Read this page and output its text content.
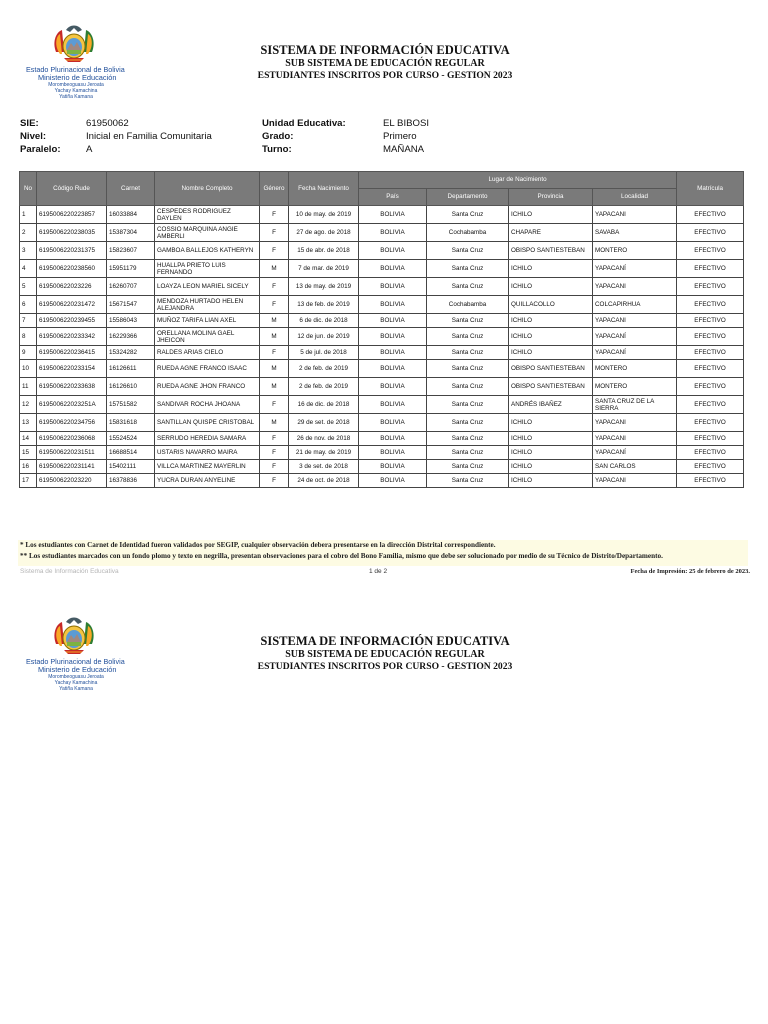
Estado Plurinacional de Bolivia
Ministerio de Educación
Morombeoguasu Jeroata
Yachay Kamachina
Yatiña Kamana
SISTEMA DE INFORMACIÓN EDUCATIVA
SUB SISTEMA DE EDUCACIÓN REGULAR
ESTUDIANTES INSCRITOS POR CURSO - GESTION 2023
SIE:	61950062	Unidad Educativa:	EL BIBOSI
Nivel:	Inicial en Familia Comunitaria	Grado:	Primero
Paralelo:	A	Turno:	MAÑANA
No	Código Rude	Carnet	Nombre Completo	Género	Fecha Nacimiento	Lugar de Nacimiento				Matrícula
						País	Departamento	Provincia	Localidad	
1	6195006220223857	16033884	CESPEDES RODRIGUEZ DAYLEN	F	10 de may. de 2019	BOLIVIA	Santa Cruz	ICHILO	YAPACANI	EFECTIVO
2	6195006220238035	15387304	COSSIO MARQUINA ANGIE AMBERLI	F	27 de ago. de 2018	BOLIVIA	Cochabamba	CHAPARE	SAVABA	EFECTIVO
3	6195006220231375	15823607	GAMBOA BALLEJOS KATHERYN	F	15 de abr. de 2018	BOLIVIA	Santa Cruz	OBISPO SANTIESTEBAN	MONTERO	EFECTIVO
4	6195006220238560	15951179	HUALLPA PRIETO LUIS FERNANDO	M	7 de mar. de 2019	BOLIVIA	Santa Cruz	ICHILO	YAPACANÍ	EFECTIVO
5	619500622023226	16260707	LOAYZA LEON MARIEL SICELY	F	13 de may. de 2019	BOLIVIA	Santa Cruz	ICHILO	YAPACANI	EFECTIVO
6	6195006220231472	15671547	MENDOZA HURTADO HELEN ALEJANDRA	F	13 de feb. de 2019	BOLIVIA	Cochabamba	QUILLACOLLO	COLCAPIRHUA	EFECTIVO
7	6195006220239455	15586043	MUÑOZ TARIFA LIAN AXEL	M	6 de dic. de 2018	BOLIVIA	Santa Cruz	ICHILO	YAPACANI	EFECTIVO
8	6195006220233342	16229366	ORELLANA MOLINA GAEL JHEICON	M	12 de jun. de 2019	BOLIVIA	Santa Cruz	ICHILO	YAPACANÍ	EFECTIVO
9	6195006220236415	15324282	RALDES ARIAS CIELO	F	5 de jul. de 2018	BOLIVIA	Santa Cruz	ICHILO	YAPACANÍ	EFECTIVO
10	6195006220233154	16126611	RUEDA AGNE FRANCO ISAAC	M	2 de feb. de 2019	BOLIVIA	Santa Cruz	OBISPO SANTIESTEBAN	MONTERO	EFECTIVO
11	6195006220233638	16126610	RUEDA AGNE JHON FRANCO	M	2 de feb. de 2019	BOLIVIA	Santa Cruz	OBISPO SANTIESTEBAN	MONTERO	EFECTIVO
12	619500622023251A	15751582	SANDIVAR ROCHA JHOANA	F	16 de dic. de 2018	BOLIVIA	Santa Cruz	ANDRÉS IBAÑEZ	SANTA CRUZ DE LA SIERRA	EFECTIVO
13	6195006220234756	15831618	SANTILLAN QUISPE CRISTOBAL	M	29 de set. de 2018	BOLIVIA	Santa Cruz	ICHILO	YAPACANI	EFECTIVO
14	6195006220236068	15524524	SERRUDO HEREDIA SAMARA	F	26 de nov. de 2018	BOLIVIA	Santa Cruz	ICHILO	YAPACANI	EFECTIVO
15	6195006220231511	16688514	USTARIS NAVARRO MAIRA	F	21 de may. de 2019	BOLIVIA	Santa Cruz	ICHILO	YAPACANÍ	EFECTIVO
16	6195006220231141	15402111	VILLCA MARTINEZ MAYERLIN	F	3 de set. de 2018	BOLIVIA	Santa Cruz	ICHILO	SAN CARLOS	EFECTIVO
17	619500622023220	16378836	YUCRA DURAN ANYELINE	F	24 de oct. de 2018	BOLIVIA	Santa Cruz	ICHILO	YAPACANI	EFECTIVO
* Los estudiantes con Carnet de Identidad fueron validados por SEGIP, cualquier observación debera presentarse en la dirección Distrital correspondiente.
** Los estudiantes marcados con un fondo plomo y texto en negrilla, presentan observaciones para el cobro del Bono Familia, mismo que debe ser solucionado por medio de su Técnico de Distrito/Departamento.
Sistema de Información Educativa	1 de 2	Fecha de Impresión: 25 de febrero de 2023.
Estado Plurinacional de Bolivia
Ministerio de Educación
Morombeoguasu Jeroata
Yachay Kamachina
Yatiña Kamana
SISTEMA DE INFORMACIÓN EDUCATIVA
SUB SISTEMA DE EDUCACIÓN REGULAR
ESTUDIANTES INSCRITOS POR CURSO - GESTION 2023
